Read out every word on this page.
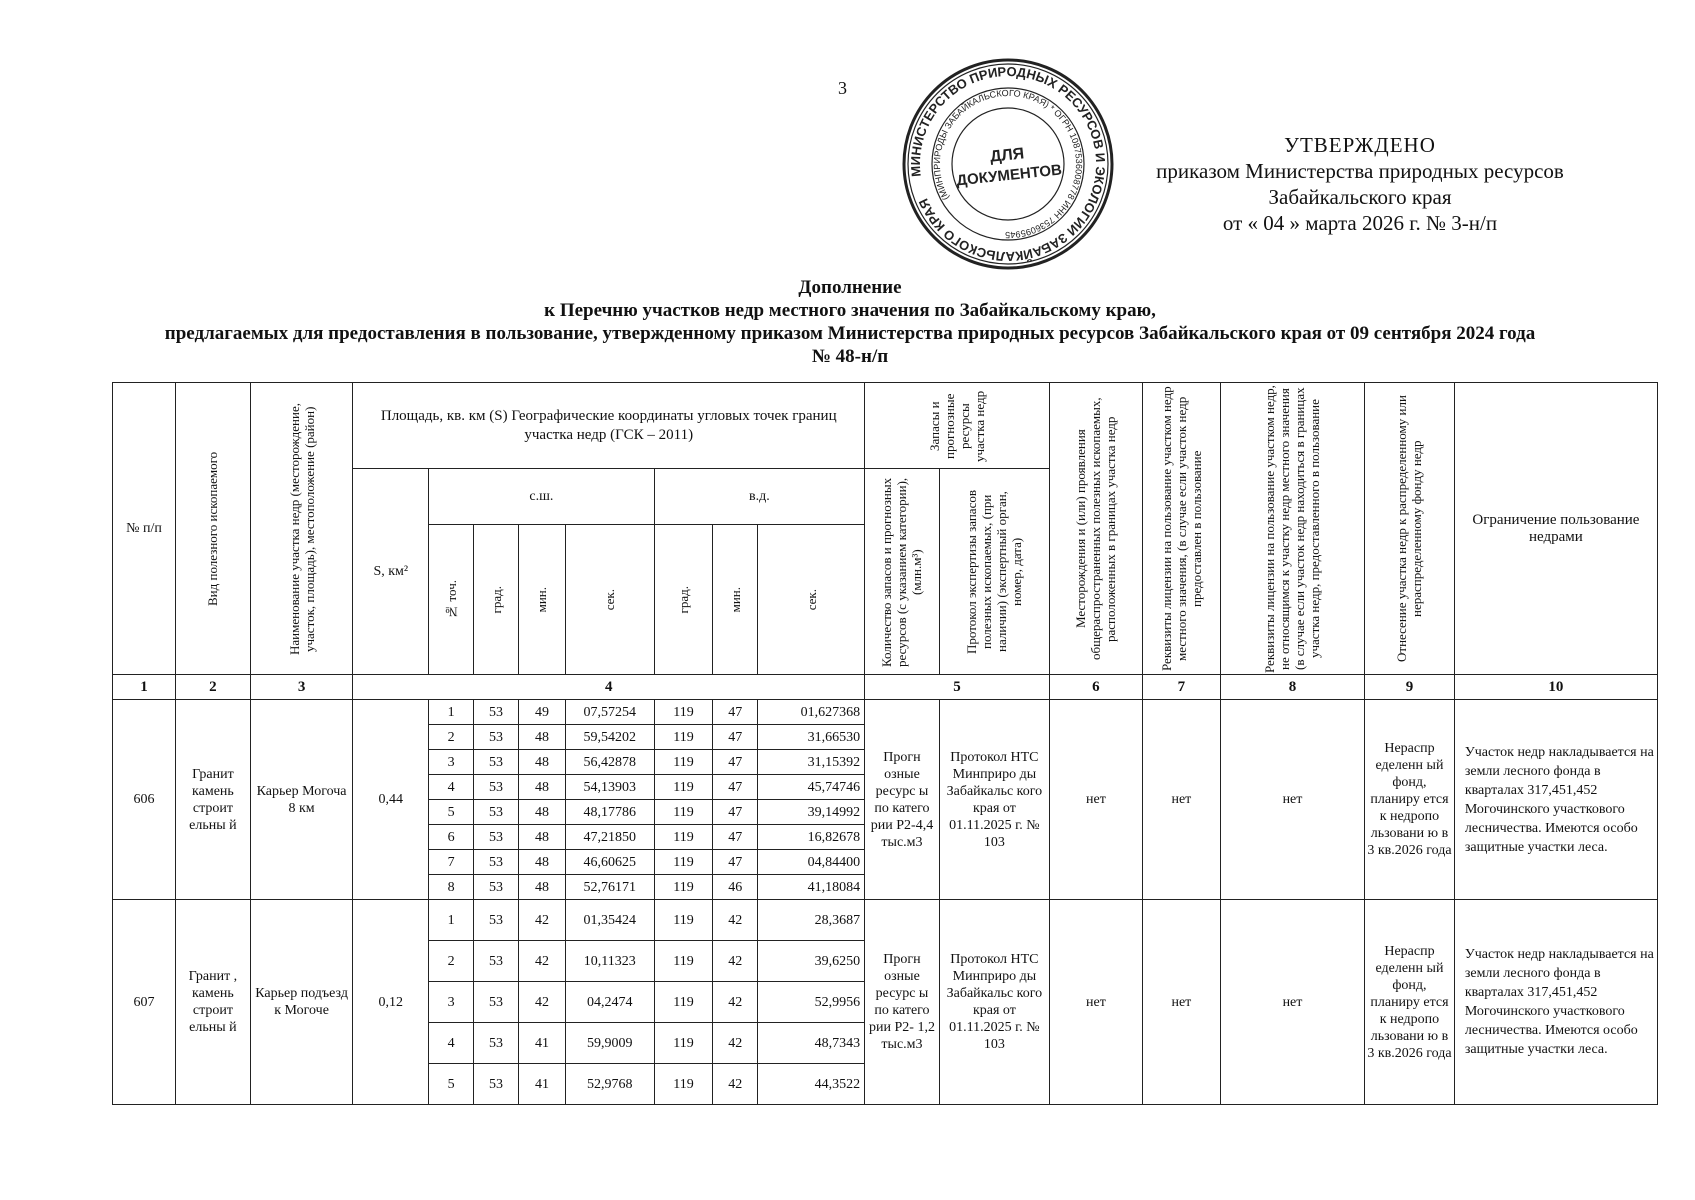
3
МИНИСТЕРСТВО ПРИРОДНЫХ РЕСУРСОВ И ЭКОЛОГИИ ЗАБАЙКАЛЬСКОГО КРАЯ (МИНПРИРОДЫ ЗАБАЙКАЛЬСКОГО КРАЯ) * ОГРН 1087536008778 ИНН 7536095945
ДЛЯ
ДОКУМЕНТОВ
УТВЕРЖДЕНО
приказом Министерства природных ресурсов
Забайкальского края
от « 04 » марта 2026 г. № 3-н/п
Дополнение
к Перечню участков недр местного значения по Забайкальскому краю,
предлагаемых для предоставления в пользование, утвержденному приказом Министерства природных ресурсов Забайкальского края от 09 сентября 2024 года
№ 48-н/п
№ п/п	Вид полезного ископаемого	Наименование участка недр (месторождение, участок, площадь), местоположение (район)	Площадь, кв. км (S) Географические координаты угловых точек границ участка недр (ГСК – 2011)								Запасы и прогнозные ресурсы участка недр		Месторождения и (или) проявления общераспространенных полезных ископаемых, расположенных в границах участка недр	Реквизиты лицензии на пользование участком недр местного значения, (в случае если участок недр предоставлен в пользование	Реквизиты лицензии на пользование участком недр, не относящимся к участку недр местного значения (в случае если участок недр находиться в границах участка недр, предоставленного в пользование	Отнесение участка недр к распределенному или нераспределенному фонду недр	Ограничение пользование недрами
			S, км²	с.ш.				в.д.			Количество запасов и прогнозных ресурсов (с указанием категории), (млн.м³)	Протокол экспертизы запасов полезных ископаемых, (при наличии) (экспертный орган, номер, дата)					

				№ точ.	град.	мин.	сек.	град.	мин.	сек.							

1	2	3	4								5		6	7	8	9	10
606	Гранит камень строит ельны й	Карьер Могоча 8 км	0,44	1	53	49	07,57254	119	47	01,627368	Прогн озные ресурс ы по катего рии Р2-4,4 тыс.м3	Протокол НТС Минприро ды Забайкальс кого края от 01.11.2025 г. № 103	нет	нет	нет	Нераспр еделенн ый фонд, планиру ется к недропо льзовани ю в 3 кв.2026 года	Участок недр накладывается на земли лесного фонда в кварталах 317,451,452 Могочинского участкового лесничества. Имеются особо защитные участки леса.
				2	53	48	59,54202	119	47	31,66530							
				3	53	48	56,42878	119	47	31,15392							
				4	53	48	54,13903	119	47	45,74746							
				5	53	48	48,17786	119	47	39,14992							
				6	53	48	47,21850	119	47	16,82678							
				7	53	48	46,60625	119	47	04,84400							
				8	53	48	52,76171	119	46	41,18084							
607	Гранит , камень строит ельны й	Карьер подъезд к Могоче	0,12	1	53	42	01,35424	119	42	28,3687	Прогн озные ресурс ы по катего рии Р2- 1,2 тыс.м3	Протокол НТС Минприро ды Забайкальс кого края от 01.11.2025 г. № 103	нет	нет	нет	Нераспр еделенн ый фонд, планиру ется к недропо льзовани ю в 3 кв.2026 года	Участок недр накладывается на земли лесного фонда в кварталах 317,451,452 Могочинского участкового лесничества. Имеются особо защитные участки леса.
				2	53	42	10,11323	119	42	39,6250							
				3	53	42	04,2474	119	42	52,9956							
				4	53	41	59,9009	119	42	48,7343							
				5	53	41	52,9768	119	42	44,3522							
